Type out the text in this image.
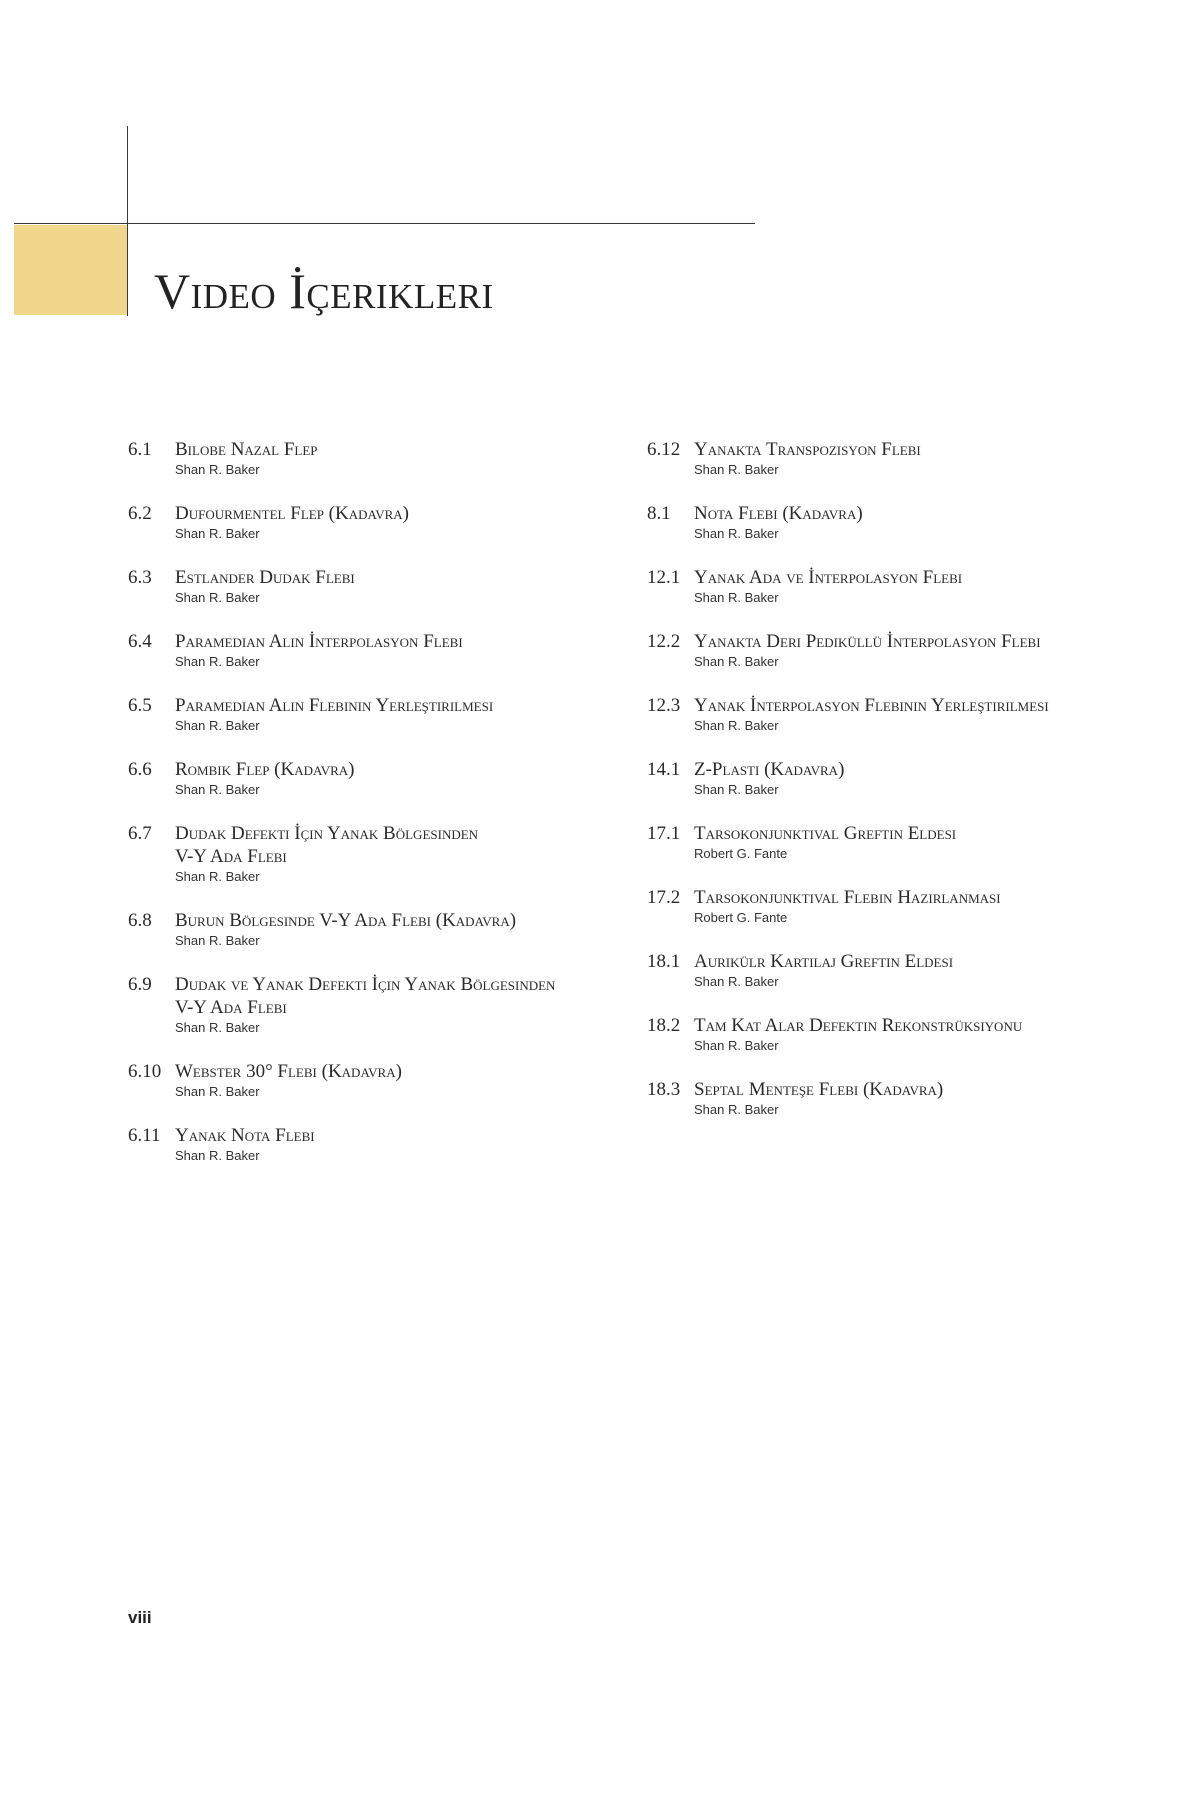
Video İçerikleri
6.1	Bilobe Nazal Flep
Shan R. Baker
6.2	Dufourmentel Flep (Kadavra)
Shan R. Baker
6.3	Estlander Dudak Flebi
Shan R. Baker
6.4	Paramedian Alın İnterpolasyon Flebi
Shan R. Baker
6.5	Paramedian Alın Flebinin Yerleştirilmesi
Shan R. Baker
6.6	Rombik Flep (Kadavra)
Shan R. Baker
6.7	Dudak Defekti İçin Yanak Bölgesinden
V-Y Ada Flebi
Shan R. Baker
6.8	Burun Bölgesinde V-Y Ada Flebi (Kadavra)
Shan R. Baker
6.9	Dudak ve Yanak Defekti İçin Yanak Bölgesinden
V-Y Ada Flebi
Shan R. Baker
6.10 Webster 30° Flebi (Kadavra)
Shan R. Baker
6.11 Yanak Nota Flebi
Shan R. Baker
6.12 Yanakta Transpozisyon Flebi
Shan R. Baker
8.1	Nota Flebi (Kadavra)
Shan R. Baker
12.1 Yanak Ada ve İnterpolasyon Flebi
Shan R. Baker
12.2 Yanakta Deri Pediküllü İnterpolasyon Flebi
Shan R. Baker
12.3 Yanak İnterpolasyon Flebinin Yerleştirilmesi
Shan R. Baker
14.1 Z-Plasti (Kadavra)
Shan R. Baker
17.1 Tarsokonjunktival Greftin Eldesi
Robert G. Fante
17.2 Tarsokonjunktival Flebin Hazırlanması
Robert G. Fante
18.1 Aurikülr Kartilaj Greftin Eldesi
Shan R. Baker
18.2 Tam Kat Alar Defektin Rekonstrüksiyonu
Shan R. Baker
18.3 Septal Menteşe Flebi (Kadavra)
Shan R. Baker
viii
